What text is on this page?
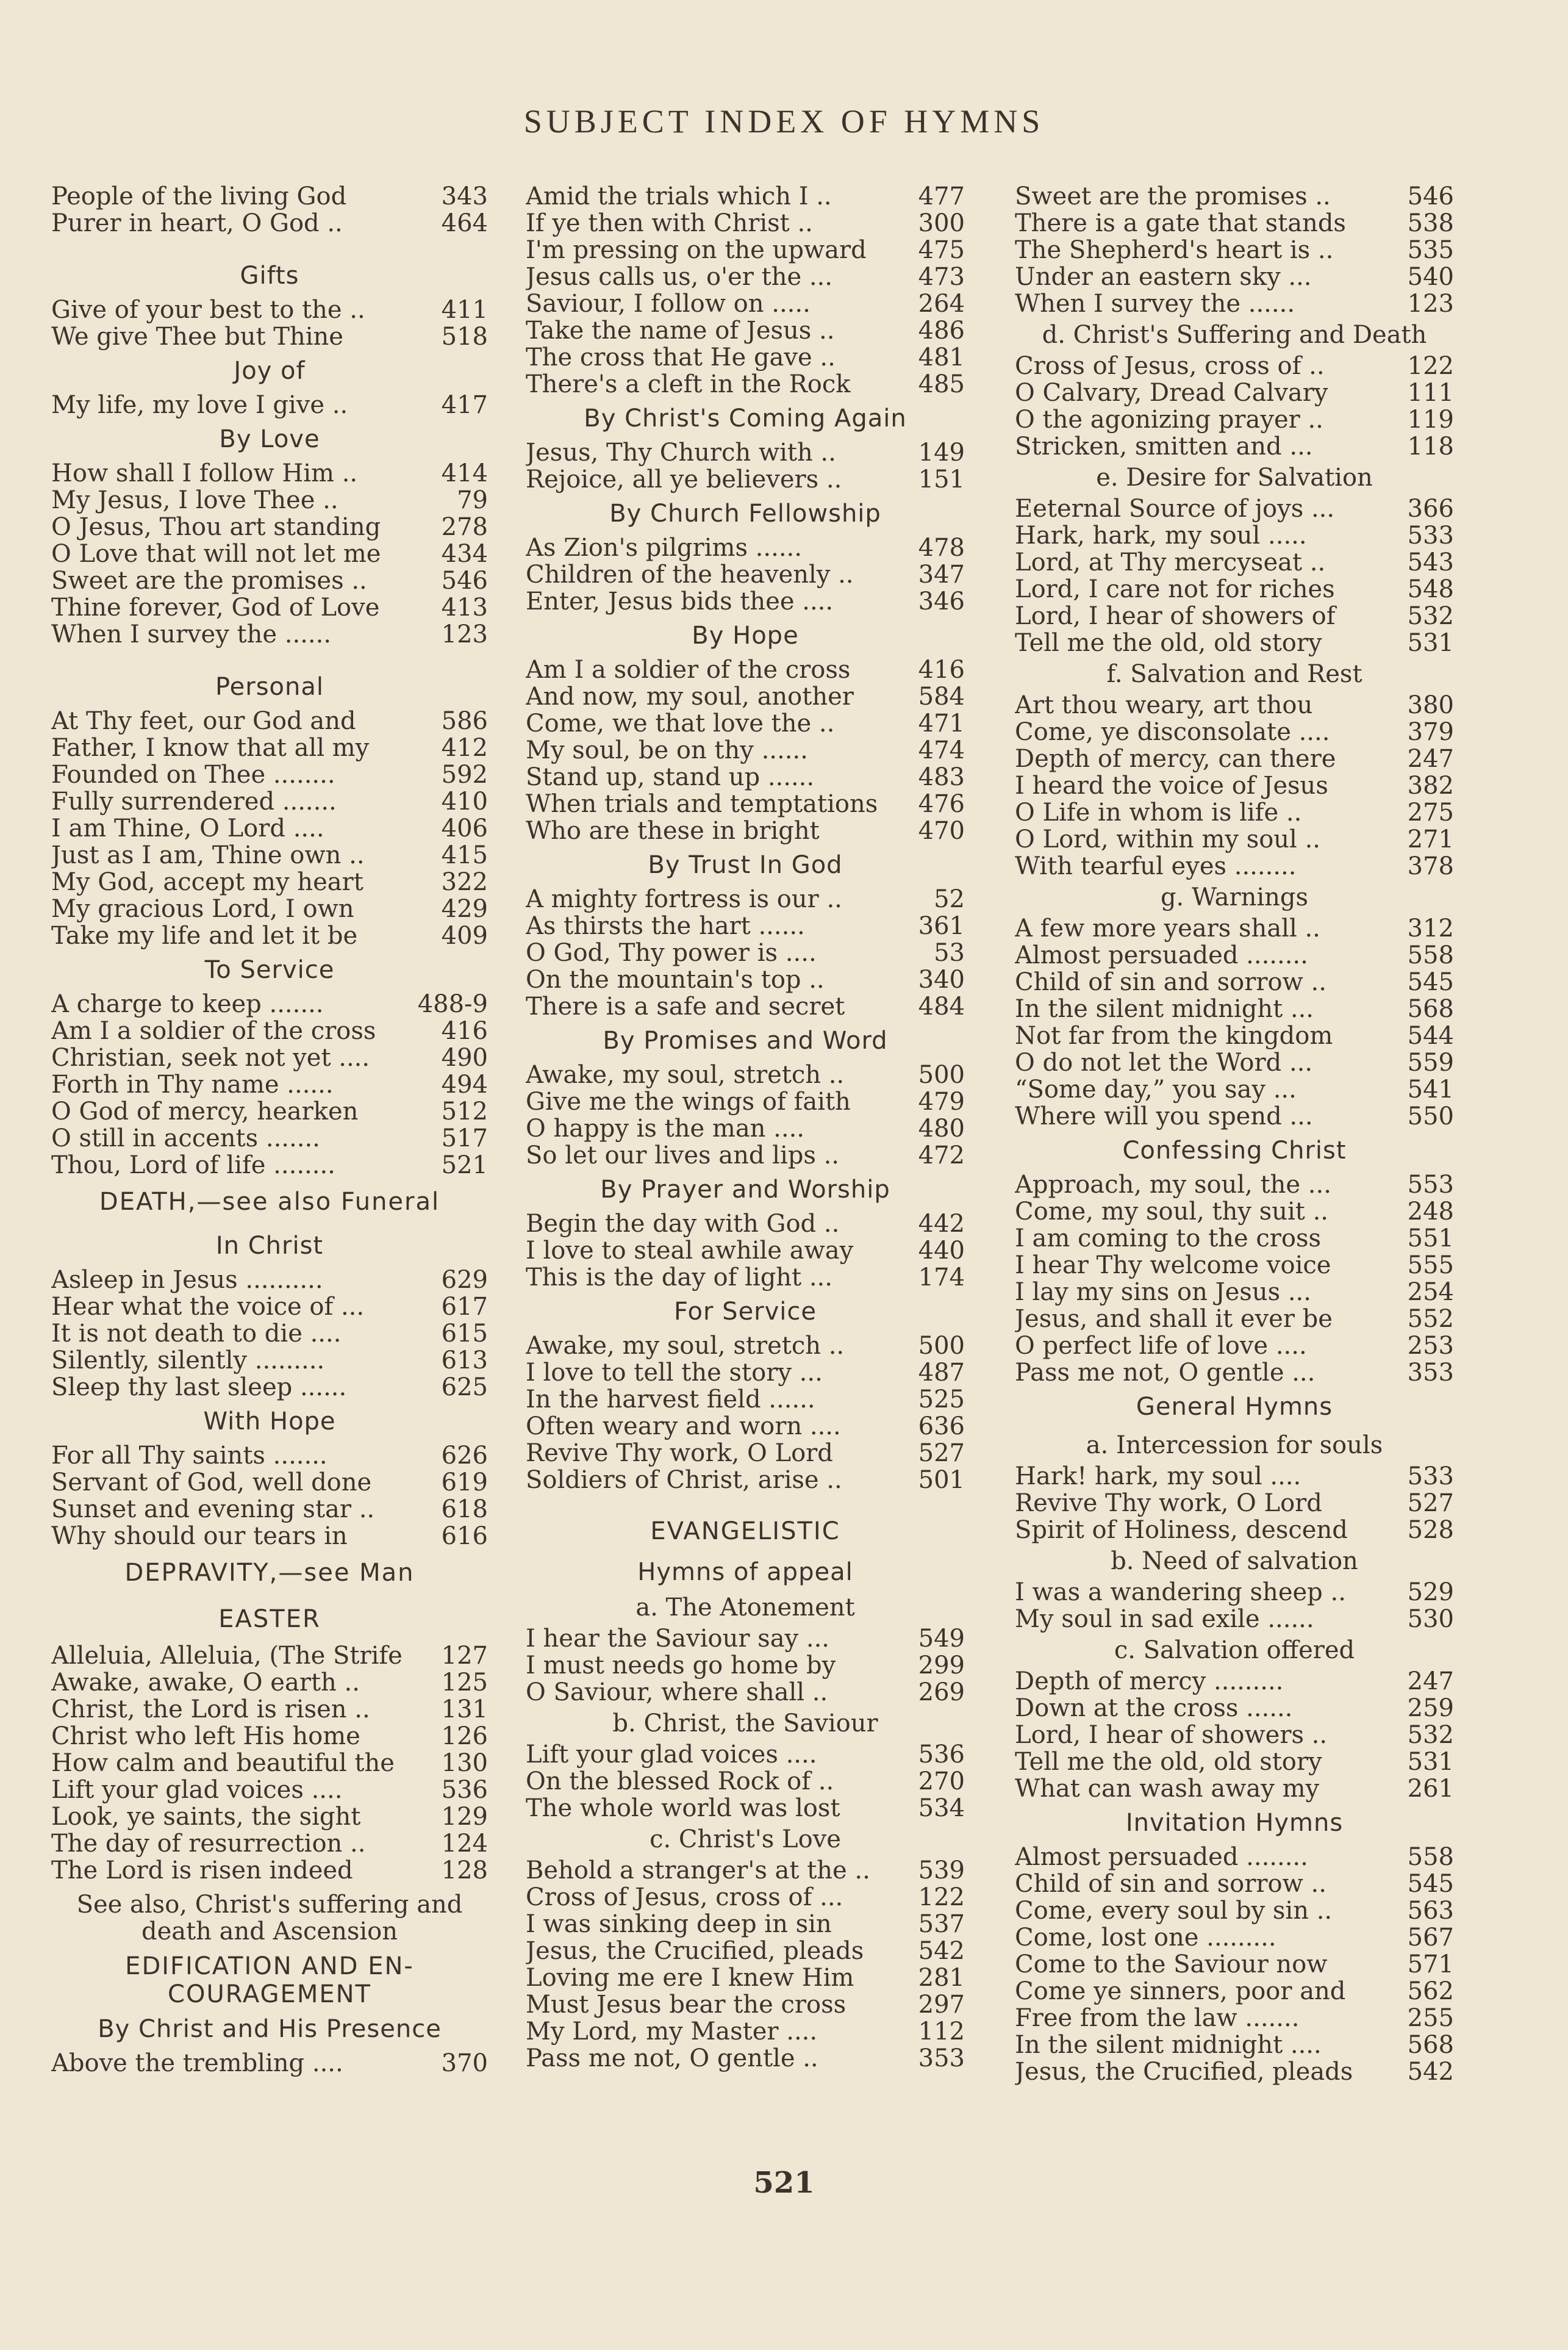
SUBJECT INDEX OF HYMNS
People of the living God	343
Purer in heart, O God ..	464
Gifts
Give of your best to the ..	411
We give Thee but Thine	518
Joy of
My life, my love I give ..	417
By Love
How shall I follow Him ..	414
My Jesus, I love Thee ..	79
O Jesus, Thou art standing	278
O Love that will not let me	434
Sweet are the promises ..	546
Thine forever, God of Love	413
When I survey the ......	123
Personal
At Thy feet, our God and	586
Father, I know that all my	412
Founded on Thee ........	592
Fully surrendered .......	410
I am Thine, O Lord ....	406
Just as I am, Thine own ..	415
My God, accept my heart	322
My gracious Lord, I own	429
Take my life and let it be	409
To Service
A charge to keep .......	488-9
Am I a soldier of the cross	416
Christian, seek not yet ....	490
Forth in Thy name ......	494
O God of mercy, hearken	512
O still in accents .......	517
Thou, Lord of life ........	521
DEATH,—see also Funeral
In Christ
Asleep in Jesus ..........	629
Hear what the voice of ...	617
It is not death to die ....	615
Silently, silently .........	613
Sleep thy last sleep ......	625
With Hope
For all Thy saints .......	626
Servant of God, well done	619
Sunset and evening star ..	618
Why should our tears in	616
DEPRAVITY,—see Man
EASTER
Alleluia, Alleluia, (The Strife	127
Awake, awake, O earth ..	125
Christ, the Lord is risen ..	131
Christ who left His home	126
How calm and beautiful the	130
Lift your glad voices ....	536
Look, ye saints, the sight	129
The day of resurrection ..	124
The Lord is risen indeed	128
See also, Christ's suffering and
death and Ascension
EDIFICATION AND EN-
COURAGEMENT
By Christ and His Presence
Above the trembling ....	370
Amid the trials which I ..	477
If ye then with Christ ..	300
I'm pressing on the upward	475
Jesus calls us, o'er the ...	473
Saviour, I follow on .....	264
Take the name of Jesus ..	486
The cross that He gave ..	481
There's a cleft in the Rock	485
By Christ's Coming Again
Jesus, Thy Church with ..	149
Rejoice, all ye believers ..	151
By Church Fellowship
As Zion's pilgrims ......	478
Children of the heavenly ..	347
Enter, Jesus bids thee ....	346
By Hope
Am I a soldier of the cross	416
And now, my soul, another	584
Come, we that love the ..	471
My soul, be on thy ......	474
Stand up, stand up ......	483
When trials and temptations	476
Who are these in bright	470
By Trust In God
A mighty fortress is our ..	52
As thirsts the hart ......	361
O God, Thy power is ....	53
On the mountain's top ..	340
There is a safe and secret	484
By Promises and Word
Awake, my soul, stretch ..	500
Give me the wings of faith	479
O happy is the man ....	480
So let our lives and lips ..	472
By Prayer and Worship
Begin the day with God ..	442
I love to steal awhile away	440
This is the day of light ...	174
For Service
Awake, my soul, stretch ..	500
I love to tell the story ...	487
In the harvest field ......	525
Often weary and worn ....	636
Revive Thy work, O Lord	527
Soldiers of Christ, arise ..	501
EVANGELISTIC
Hymns of appeal
a. The Atonement
I hear the Saviour say ...	549
I must needs go home by	299
O Saviour, where shall ..	269
b. Christ, the Saviour
Lift your glad voices ....	536
On the blessed Rock of ..	270
The whole world was lost	534
c. Christ's Love
Behold a stranger's at the ..	539
Cross of Jesus, cross of ...	122
I was sinking deep in sin	537
Jesus, the Crucified, pleads	542
Loving me ere I knew Him	281
Must Jesus bear the cross	297
My Lord, my Master ....	112
Pass me not, O gentle ..	353
Sweet are the promises ..	546
There is a gate that stands	538
The Shepherd's heart is ..	535
Under an eastern sky ...	540
When I survey the ......	123
d. Christ's Suffering and Death
Cross of Jesus, cross of ..	122
O Calvary, Dread Calvary	111
O the agonizing prayer ..	119
Stricken, smitten and ...	118
e. Desire for Salvation
Eeternal Source of joys ...	366
Hark, hark, my soul .....	533
Lord, at Thy mercyseat ..	543
Lord, I care not for riches	548
Lord, I hear of showers of	532
Tell me the old, old story	531
f. Salvation and Rest
Art thou weary, art thou	380
Come, ye disconsolate ....	379
Depth of mercy, can there	247
I heard the voice of Jesus	382
O Life in whom is life ..	275
O Lord, within my soul ..	271
With tearful eyes ........	378
g. Warnings
A few more years shall ..	312
Almost persuaded ........	558
Child of sin and sorrow ..	545
In the silent midnight ...	568
Not far from the kingdom	544
O do not let the Word ...	559
“Some day,” you say ...	541
Where will you spend ...	550
Confessing Christ
Approach, my soul, the ...	553
Come, my soul, thy suit ..	248
I am coming to the cross	551
I hear Thy welcome voice	555
I lay my sins on Jesus ...	254
Jesus, and shall it ever be	552
O perfect life of love ....	253
Pass me not, O gentle ...	353
General Hymns
a. Intercession for souls
Hark! hark, my soul ....	533
Revive Thy work, O Lord	527
Spirit of Holiness, descend	528
b. Need of salvation
I was a wandering sheep ..	529
My soul in sad exile ......	530
c. Salvation offered
Depth of mercy .........	247
Down at the cross ......	259
Lord, I hear of showers ..	532
Tell me the old, old story	531
What can wash away my	261
Invitation Hymns
Almost persuaded ........	558
Child of sin and sorrow ..	545
Come, every soul by sin ..	563
Come, lost one .........	567
Come to the Saviour now	571
Come ye sinners, poor and	562
Free from the law .......	255
In the silent midnight ....	568
Jesus, the Crucified, pleads	542
521
